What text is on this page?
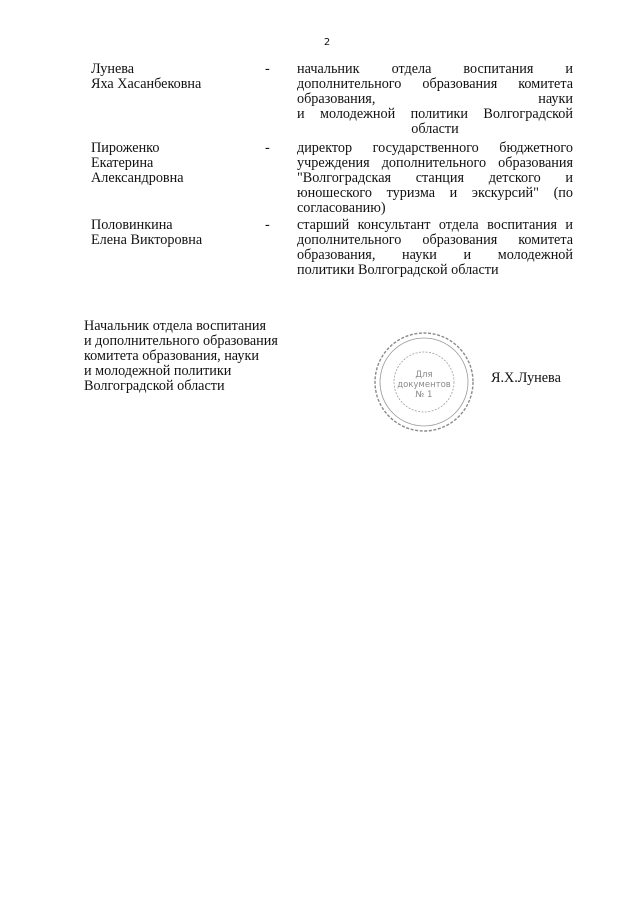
2
Лунева
Яха Хасанбековна
- начальник отдела воспитания и
дополнительного образования комитета
образования, науки
и молодежной политики Волгоградской
области
Пироженко
Екатерина
Александровна
- директор государственного бюджетного
учреждения дополнительного образования
"Волгоградская станция детского и
юношеского туризма и экскурсий" (по
согласованию)
Половинкина
Елена Викторовна
- старший консультант отдела воспитания и
дополнительного образования комитета
образования, науки и молодежной
политики Волгоградской области
Начальник отдела воспитания
и дополнительного образования
комитета образования, науки
и молодежной политики
Волгоградской области
Для
документов
№ 1
Я.Х.Лунева
